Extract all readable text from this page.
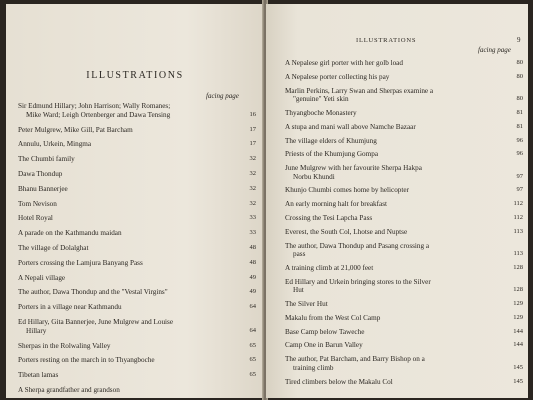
ILLUSTRATIONS
facing page
Sir Edmund Hillary; John Harrison; Wally Romanes;
Mike Ward; Leigh Ortenberger and Dawa Tensing	16
Peter Mulgrew, Mike Gill, Pat Barcham	17
Annulu, Urkein, Mingma	17
The Chumbi family	32
Dawa Thondup	32
Bhanu Bannerjee	32
Tom Nevison	32
Hotel Royal	33
A parade on the Kathmandu maidan	33
The village of Dolalghat	48
Porters crossing the Lamjura Banyang Pass	48
A Nepali village	49
The author, Dawa Thondup and the "Vestal Virgins"	49
Porters in a village near Kathmandu	64
Ed Hillary, Gita Bannerjee, June Mulgrew and Louise
Hillary	64
Sherpas in the Rolwaling Valley	65
Porters resting on the march in to Thyangboche	65
Tibetan lamas	65
A Sherpa grandfather and grandson
ILLUSTRATIONS	9
facing page
A Nepalese girl porter with her golb load	80
A Nepalese porter collecting his pay	80
Marlin Perkins, Larry Swan and Sherpas examine a
"genuine" Yeti skin	80
Thyangboche Monastery	81
A stupa and mani wall above Namche Bazaar	81
The village elders of Khumjung	96
Priests of the Khumjung Gompa	96
June Mulgrew with her favourite Sherpa Hakpa
Norbu Khundi	97
Khunjo Chumbi comes home by helicopter	97
An early morning halt for breakfast	112
Crossing the Tesi Lapcha Pass	112
Everest, the South Col, Lhotse and Nuptse	113
The author, Dawa Thondup and Pasang crossing a
pass	113
A training climb at 21,000 feet	128
Ed Hillary and Urkein bringing stores to the Silver
Hut	128
The Silver Hut	129
Makalu from the West Col Camp	129
Base Camp below Taweche	144
Camp One in Barun Valley	144
The author, Pat Barcham, and Barry Bishop on a
training climb	145
Tired climbers below the Makalu Col	145
